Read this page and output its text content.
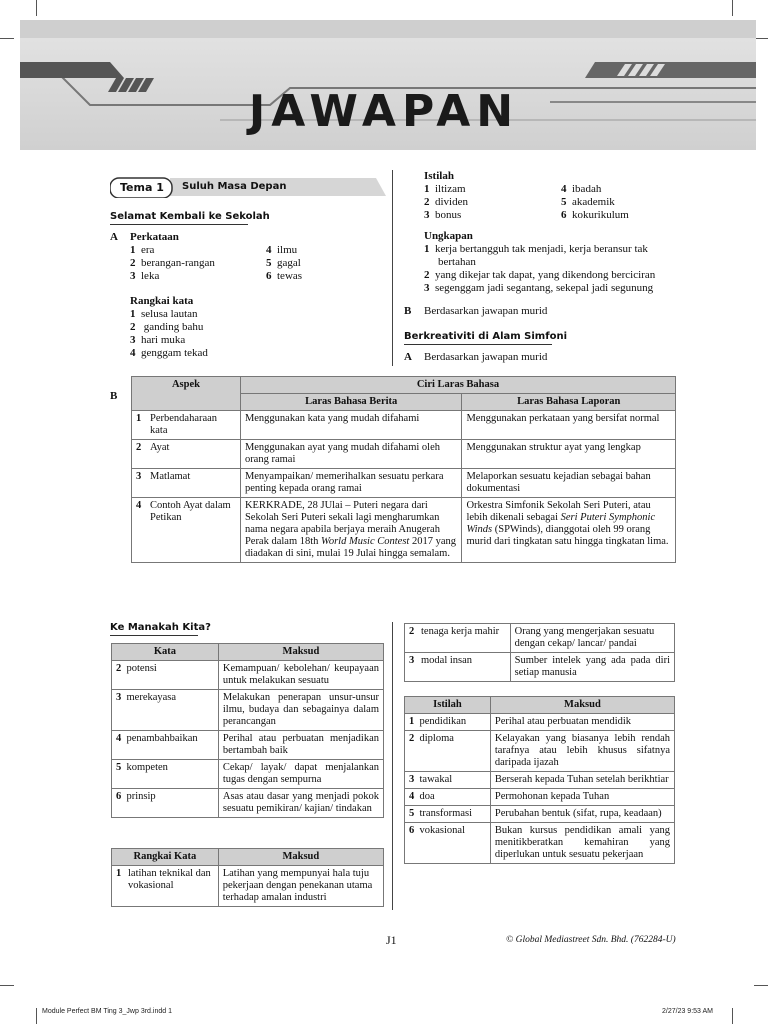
JAWAPAN
Tema 1 Suluh Masa Depan
Selamat Kembali ke Sekolah
A Perkataan
1 era
2 berangan-rangan
3 leka
4 ilmu
5 gagal
6 tewas
Rangkai kata
1 selusa lautan
2   ganding bahu
3 hari muka
4 genggam tekad
Istilah
1 iltizam
2 dividen
3 bonus
4 ibadah
5 akademik
6 kokurikulum
Ungkapan
1 kerja bertangguh tak menjadi, kerja beransur tak
bertahan
2 yang dikejar tak dapat, yang dikendong berciciran
3 segenggam jadi segantang, sekepal jadi segunung
B Berdasarkan jawapan murid
Berkreativiti di Alam Simfoni
A Berdasarkan jawapan murid
B
Aspek	Ciri Laras Bahasa	
	Laras Bahasa Berita	Laras Bahasa Laporan

1 Perbendaharaan kata	Menggunakan kata yang mudah difahami	Menggunakan perkataan yang bersifat normal

2 Ayat	Menggunakan ayat yang mudah difahami oleh orang ramai	Menggunakan struktur ayat yang lengkap

3 Matlamat	Menyampaikan/ memerihalkan sesuatu perkara penting kepada orang ramai	Melaporkan sesuatu kejadian sebagai bahan dokumentasi

4 Contoh Ayat dalam Petikan	KERKRADE, 28 JUlai – Puteri negara dari Sekolah Seri Puteri sekali lagi mengharumkan nama negara apabila berjaya meraih Anugerah Perak dalam 18th World Music Contest 2017 yang diadakan di sini, mulai 19 Julai hingga semalam.	Orkestra Simfonik Sekolah Seri Puteri, atau lebih dikenali sebagai Seri Puteri Symphonic Winds (SPWinds), dianggotai oleh 99 orang murid dari tingkatan satu hingga tingkatan lima.
Ke Manakah Kita?
Kata	Maksud
2 potensi	Kemampuan/ kebolehan/ keupayaan untuk melakukan sesuatu
3 merekayasa	Melakukan penerapan unsur-unsur ilmu, budaya dan sebagainya dalam perancangan
4 penambahbaikan	Perihal atau perbuatan menjadikan bertambah baik
5 kompeten	Cekap/ layak/ dapat menjalankan tugas dengan sempurna
6 prinsip	Asas atau dasar yang menjadi pokok sesuatu pemikiran/ kajian/ tindakan
Rangkai Kata	Maksud

1 latihan teknikal dan vokasional	Latihan yang mempunyai hala tuju pekerjaan dengan penekanan utama terhadap amalan industri
2 tenaga kerja mahir	Orang yang mengerjakan sesuatu dengan cekap/ lancar/ pandai

3 modal insan	Sumber intelek yang ada pada diri setiap manusia
Istilah	Maksud
1 pendidikan	Perihal atau perbuatan mendidik
2 diploma	Kelayakan yang biasanya lebih rendah tarafnya atau lebih khusus sifatnya daripada ijazah
3 tawakal	Berserah kepada Tuhan setelah berikhtiar
4 doa	Permohonan kepada Tuhan
5 transformasi	Perubahan bentuk (sifat, rupa, keadaan)
6 vokasional	Bukan kursus pendidikan amali yang menitikberatkan kemahiran yang diperlukan untuk sesuatu pekerjaan
J1	© Global Mediastreet Sdn. Bhd. (762284-U)
Module Perfect BM Ting 3_Jwp 3rd.indd 1	2/27/23 9:53 AM
